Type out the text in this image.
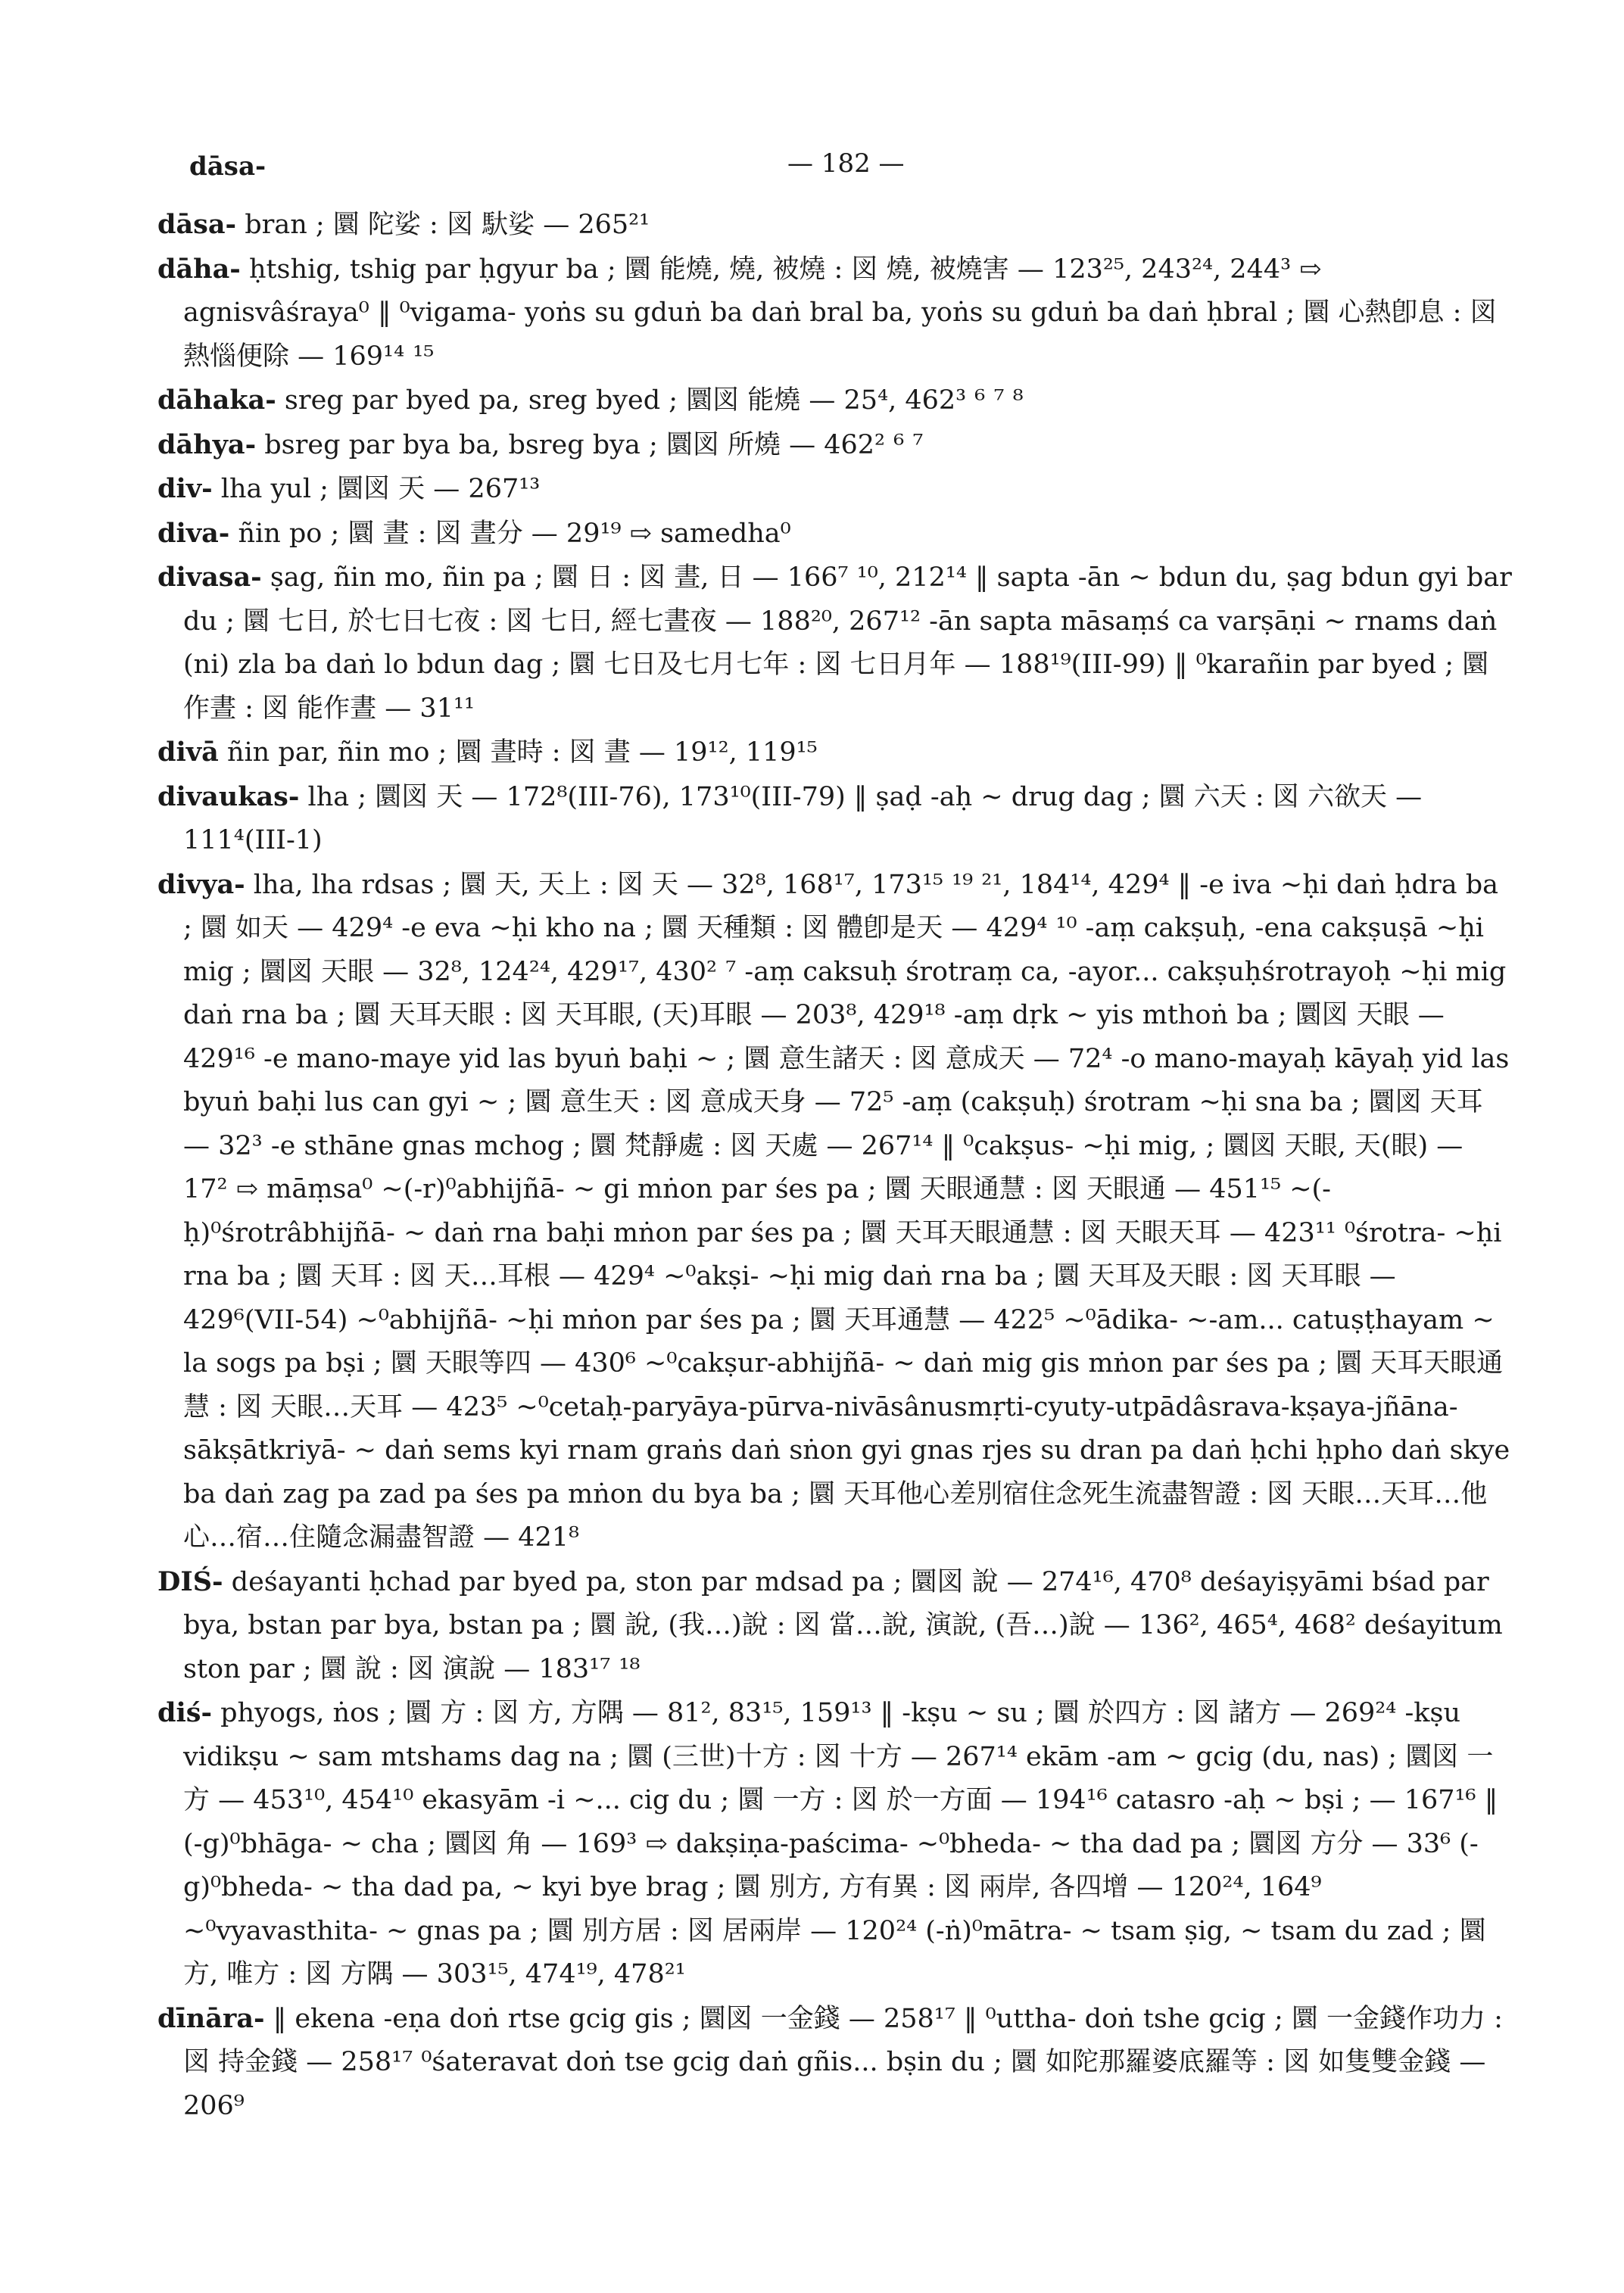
dāsa-	— 182 —

dāsa- bran ; 圜 陀娑 : 図 馱娑 — 265²¹

dāha- ḥtshig, tshig par ḥgyur ba ; 圜 能燒, 燒, 被燒 : 図 燒, 被燒害 — 123²⁵, 243²⁴, 244³ ⇨ agnisvâśraya⁰ ‖ ⁰vigama- yoṅs su gduṅ ba daṅ bral ba, yoṅs su gduṅ ba daṅ ḥbral ; 圜 心熱卽息 : 図 熱惱便除 — 169¹⁴ ¹⁵

dāhaka- sreg par byed pa, sreg byed ; 圜図 能燒 — 25⁴, 462³ ⁶ ⁷ ⁸

dāhya- bsreg par bya ba, bsreg bya ; 圜図 所燒 — 462² ⁶ ⁷

div- lha yul ; 圜図 天 — 267¹³

diva- ñin po ; 圜 晝 : 図 晝分 — 29¹⁹ ⇨ samedha⁰

divasa- ṣag, ñin mo, ñin pa ; 圜 日 : 図 晝, 日 — 166⁷ ¹⁰, 212¹⁴ ‖ sapta -ān ~ bdun du, ṣag bdun gyi bar du ; 圜 七日, 於七日七夜 : 図 七日, 經七晝夜 — 188²⁰, 267¹² -ān sapta māsaṃś ca varṣāṇi ~ rnams daṅ (ni) zla ba daṅ lo bdun dag ; 圜 七日及七月七年 : 図 七日月年 — 188¹⁹(III-99) ‖ ⁰karañin par byed ; 圜 作晝 : 図 能作晝 — 31¹¹

divā ñin par, ñin mo ; 圜 晝時 : 図 晝 — 19¹², 119¹⁵

divaukas- lha ; 圜図 天 — 172⁸(III-76), 173¹⁰(III-79) ‖ ṣaḍ -aḥ ~ drug dag ; 圜 六天 : 図 六欲天 — 111⁴(III-1)

divya- lha, lha rdsas ; 圜 天, 天上 : 図 天 — 32⁸, 168¹⁷, 173¹⁵ ¹⁹ ²¹, 184¹⁴, 429⁴ ‖ -e iva ~ḥi daṅ ḥdra ba ; 圜 如天 — 429⁴ -e eva ~ḥi kho na ; 圜 天種類 : 図 體卽是天 — 429⁴ ¹⁰ -aṃ cakṣuḥ, -ena cakṣuṣā ~ḥi mig ; 圜図 天眼 — 32⁸, 124²⁴, 429¹⁷, 430² ⁷ -aṃ caksuḥ śrotraṃ ca, -ayor... cakṣuḥśrotrayoḥ ~ḥi mig daṅ rna ba ; 圜 天耳天眼 : 図 天耳眼, (天)耳眼 — 203⁸, 429¹⁸ -aṃ dṛk ~ yis mthoṅ ba ; 圜図 天眼 — 429¹⁶ -e mano-maye yid las byuṅ baḥi ~ ; 圜 意生諸天 : 図 意成天 — 72⁴ -o mano-mayaḥ kāyaḥ yid las byuṅ baḥi lus can gyi ~ ; 圜 意生天 : 図 意成天身 — 72⁵ -aṃ (cakṣuḥ) śrotram ~ḥi sna ba ; 圜図 天耳 — 32³ -e sthāne gnas mchog ; 圜 梵靜處 : 図 天處 — 267¹⁴ ‖ ⁰cakṣus- ~ḥi mig, ; 圜図 天眼, 天(眼) — 17² ⇨ māṃsa⁰ ~(-r)⁰abhijñā- ~ gi mṅon par śes pa ; 圜 天眼通慧 : 図 天眼通 — 451¹⁵ ~(-ḥ)⁰śrotrâbhijñā- ~ daṅ rna baḥi mṅon par śes pa ; 圜 天耳天眼通慧 : 図 天眼天耳 — 423¹¹ ⁰śrotra- ~ḥi rna ba ; 圜 天耳 : 図 天…耳根 — 429⁴ ~⁰akṣi- ~ḥi mig daṅ rna ba ; 圜 天耳及天眼 : 図 天耳眼 — 429⁶(VII-54) ~⁰abhijñā- ~ḥi mṅon par śes pa ; 圜 天耳通慧 — 422⁵ ~⁰ādika- ~-am... catuṣṭhayam ~ la sogs pa bṣi ; 圜 天眼等四 — 430⁶ ~⁰cakṣur-abhijñā- ~ daṅ mig gis mṅon par śes pa ; 圜 天耳天眼通慧 : 図 天眼…天耳 — 423⁵ ~⁰cetaḥ-paryāya-pūrva-nivāsânusmṛti-cyuty-utpādâsrava-kṣaya-jñāna-sākṣātkriyā- ~ daṅ sems kyi rnam graṅs daṅ sṅon gyi gnas rjes su dran pa daṅ ḥchi ḥpho daṅ skye ba daṅ zag pa zad pa śes pa mṅon du bya ba ; 圜 天耳他心差別宿住念死生流盡智證 : 図 天眼…天耳…他心…宿…住隨念漏盡智證 — 421⁸

DIŚ- deśayanti ḥchad par byed pa, ston par mdsad pa ; 圜図 說 — 274¹⁶, 470⁸ deśayiṣyāmi bśad par bya, bstan par bya, bstan pa ; 圜 說, (我…)說 : 図 當…說, 演說, (吾…)說 — 136², 465⁴, 468² deśayitum ston par ; 圜 說 : 図 演說 — 183¹⁷ ¹⁸

diś- phyogs, ṅos ; 圜 方 : 図 方, 方隅 — 81², 83¹⁵, 159¹³ ‖ -kṣu ~ su ; 圜 於四方 : 図 諸方 — 269²⁴ -kṣu vidikṣu ~ sam mtshams dag na ; 圜 (三世)十方 : 図 十方 — 267¹⁴ ekām -am ~ gcig (du, nas) ; 圜図 一方 — 453¹⁰, 454¹⁰ ekasyām -i ~... cig du ; 圜 一方 : 図 於一方面 — 194¹⁶ catasro -aḥ ~ bṣi ; — 167¹⁶ ‖ (-g)⁰bhāga- ~ cha ; 圜図 角 — 169³ ⇨ dakṣiṇa-paścima- ~⁰bheda- ~ tha dad pa ; 圜図 方分 — 33⁶ (-g)⁰bheda- ~ tha dad pa, ~ kyi bye brag ; 圜 別方, 方有異 : 図 兩岸, 各四增 — 120²⁴, 164⁹ ~⁰vyavasthita- ~ gnas pa ; 圜 別方居 : 図 居兩岸 — 120²⁴ (-ṅ)⁰mātra- ~ tsam ṣig, ~ tsam du zad ; 圜 方, 唯方 : 図 方隅 — 303¹⁵, 474¹⁹, 478²¹

dīnāra- ‖ ekena -eṇa doṅ rtse gcig gis ; 圜図 一金錢 — 258¹⁷ ‖ ⁰uttha- doṅ tshe gcig ; 圜 一金錢作功力 : 図 持金錢 — 258¹⁷ ⁰śateravat doṅ tse gcig daṅ gñis... bṣin du ; 圜 如陀那羅婆底羅等 : 図 如隻雙金錢 — 206⁹
